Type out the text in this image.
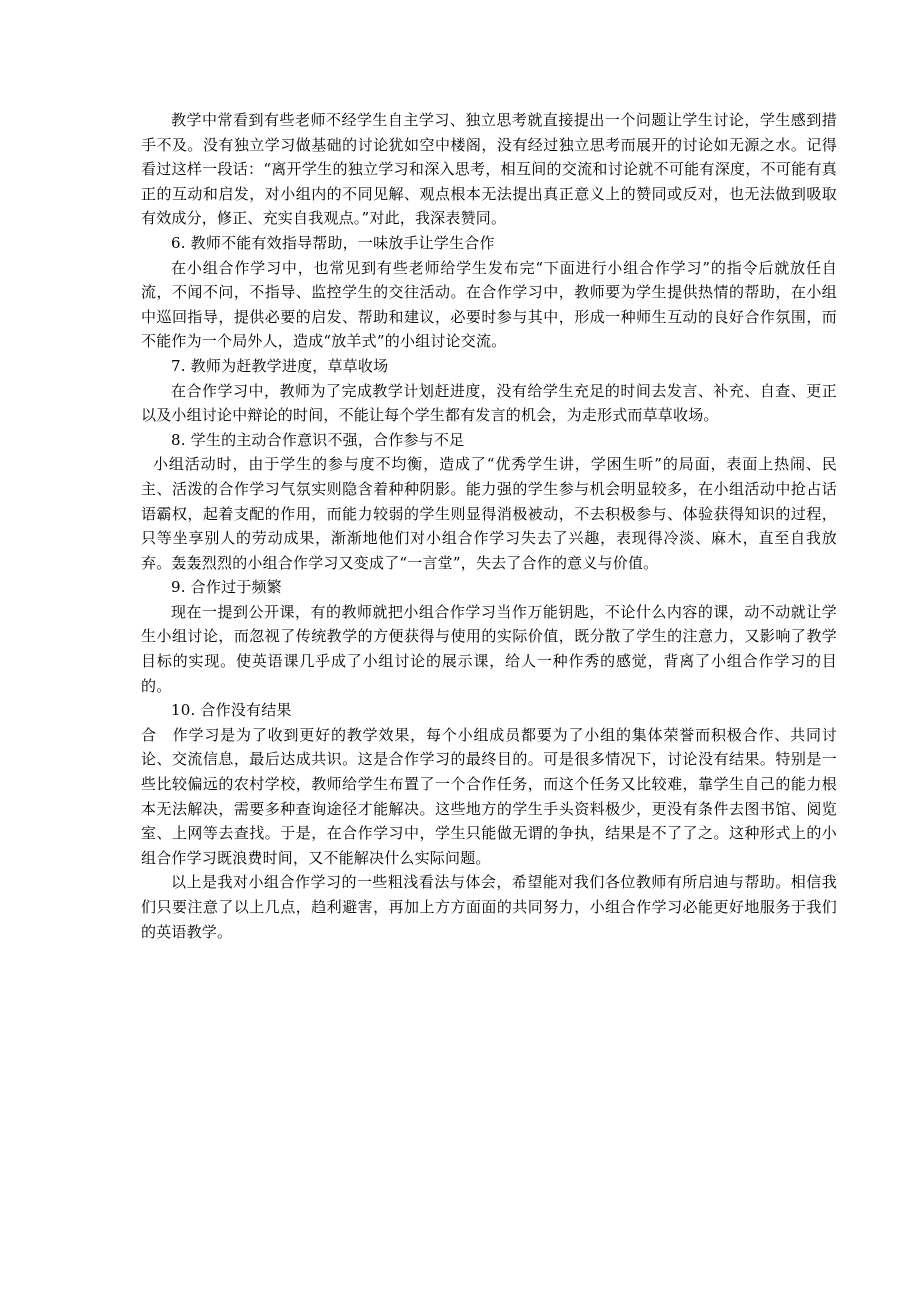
教学中常看到有些老师不经学生自主学习、独立思考就直接提出一个问题让学生讨论，学生感到措手不及。没有独立学习做基础的讨论犹如空中楼阁，没有经过独立思考而展开的讨论如无源之水。记得看过这样一段话：“离开学生的独立学习和深入思考，相互间的交流和讨论就不可能有深度，不可能有真正的互动和启发，对小组内的不同见解、观点根本无法提出真正意义上的赞同或反对，也无法做到吸取有效成分，修正、充实自我观点。”对此，我深表赞同。

6. 教师不能有效指导帮助，一味放手让学生合作

在小组合作学习中，也常见到有些老师给学生发布完“下面进行小组合作学习”的指令后就放任自流，不闻不问，不指导、监控学生的交往活动。在合作学习中，教师要为学生提供热情的帮助，在小组中巡回指导，提供必要的启发、帮助和建议，必要时参与其中，形成一种师生互动的良好合作氛围，而不能作为一个局外人，造成“放羊式”的小组讨论交流。

7. 教师为赶教学进度，草草收场

在合作学习中，教师为了完成教学计划赶进度，没有给学生充足的时间去发言、补充、自查、更正以及小组讨论中辩论的时间，不能让每个学生都有发言的机会，为走形式而草草收场。

8. 学生的主动合作意识不强，合作参与不足

小组活动时，由于学生的参与度不均衡，造成了“优秀学生讲，学困生听”的局面，表面上热闹、民主、活泼的合作学习气氛实则隐含着种种阴影。能力强的学生参与机会明显较多，在小组活动中抢占话语霸权，起着支配的作用，而能力较弱的学生则显得消极被动，不去积极参与、体验获得知识的过程，只等坐享别人的劳动成果，渐渐地他们对小组合作学习失去了兴趣，表现得冷淡、麻木，直至自我放弃。轰轰烈烈的小组合作学习又变成了“一言堂”，失去了合作的意义与价值。

9. 合作过于频繁

现在一提到公开课，有的教师就把小组合作学习当作万能钥匙，不论什么内容的课，动不动就让学生小组讨论，而忽视了传统教学的方便获得与使用的实际价值，既分散了学生的注意力，又影响了教学目标的实现。使英语课几乎成了小组讨论的展示课，给人一种作秀的感觉，背离了小组合作学习的目的。

10. 合作没有结果

合　作学习是为了收到更好的教学效果，每个小组成员都要为了小组的集体荣誉而积极合作、共同讨论、交流信息，最后达成共识。这是合作学习的最终目的。可是很多情况下，讨论没有结果。特别是一些比较偏远的农村学校，教师给学生布置了一个合作任务，而这个任务又比较难，靠学生自己的能力根本无法解决，需要多种查询途径才能解决。这些地方的学生手头资料极少，更没有条件去图书馆、阅览室、上网等去查找。于是，在合作学习中，学生只能做无谓的争执，结果是不了了之。这种形式上的小组合作学习既浪费时间，又不能解决什么实际问题。

以上是我对小组合作学习的一些粗浅看法与体会，希望能对我们各位教师有所启迪与帮助。相信我们只要注意了以上几点，趋利避害，再加上方方面面的共同努力，小组合作学习必能更好地服务于我们的英语教学。
